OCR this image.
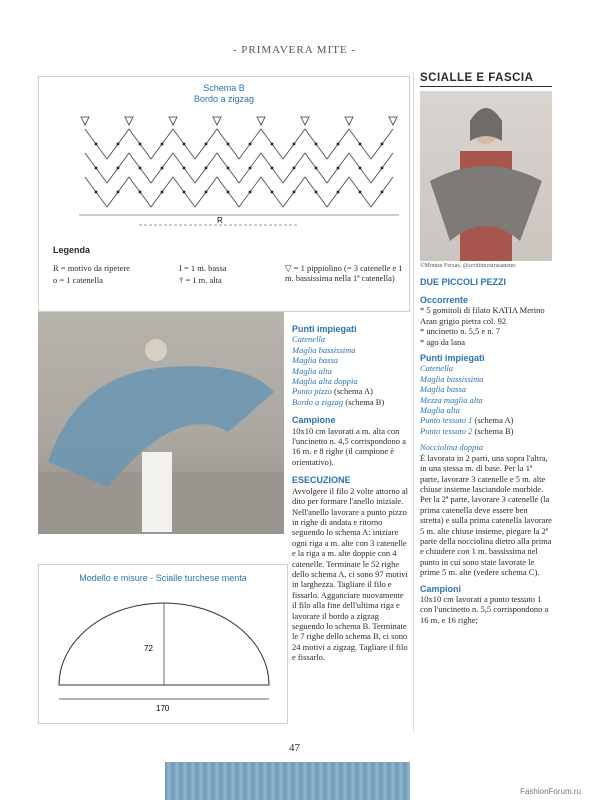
- PRIMAVERA MITE -
Schema B
Bordo a zigzag
R
Legenda
R = motivo da ripetere
o = 1 catenella
I = 1 m. bassa
† = 1 m. alta
▽ = 1 pippiolino (= 3 catenelle e 1 m. bassissima nella 1ª catenella)
Modello e misure - Scialle turchese menta
72
170
Punti impiegati
Catenella
Maglia bassissima
Maglia bassa
Maglia alta
Maglia alta doppia
Punto pizzo (schema A)
Bordo a zigzag (schema B)
Campione
10x10 cm lavorati a m. alta con l'uncinetto n. 4,5 corrispondono a 16 m. e 8 righe (il campione è orientativo).
ESECUZIONE
Avvolgere il filo 2 volte attorno al dito per formare l'anello iniziale. Nell'anello lavorare a punto pizzo in righe di andata e ritorno seguendo lo schema A: iniziare ogni riga a m. alte con 3 catenelle e la riga a m. alte doppie con 4 catenelle. Terminate le 52 righe dello schema A, ci sono 97 motivi in larghezza. Tagliare il filo e fissarlo. Agganciare nuovamente il filo alla fine dell'ultima riga e lavorare il bordo a zigzag seguendo lo schema B. Terminate le 7 righe dello schema B, ci sono 24 motivi a zigzag. Tagliare il filo e fissarlo.
SCIALLE E FASCIA
©Montse Feixas, @scrittimostrasanetes
DUE PICCOLI PEZZI
Occorrente
* 5 gomitoli di filato KATIA Merino Aran grigio pietra col. 92
* uncinetto n. 5,5 e n. 7
* ago da lana
Punti impiegati
Catenella
Maglia bassissima
Maglia bassa
Mezza maglia alta
Maglia alta
Punto tessuto 1 (schema A)
Punto tessuto 2 (schema B)
Nocciolina doppia
È lavorata in 2 parti, una sopra l'altra, in una stessa m. di base. Per la 1ª parte, lavorare 3 catenelle e 5 m. alte chiuse insieme lasciandole morbide. Per la 2ª parte, lavorare 3 catenelle (la prima catenella deve essere ben stretta) e sulla prima catenella lavorare 5 m. alte chiuse insieme, piegare la 2ª parte della nocciolina dietro alla prima e chiudere con 1 m. bassissima nel punto in cui sono state lavorate le prime 5 m. alte (vedere schema C).
Campioni
10x10 cm lavorati a punto tessuto 1 con l'uncinetto n. 5,5 corrispondono a 16 m. e 16 righe;
47
FashionForum.ru
